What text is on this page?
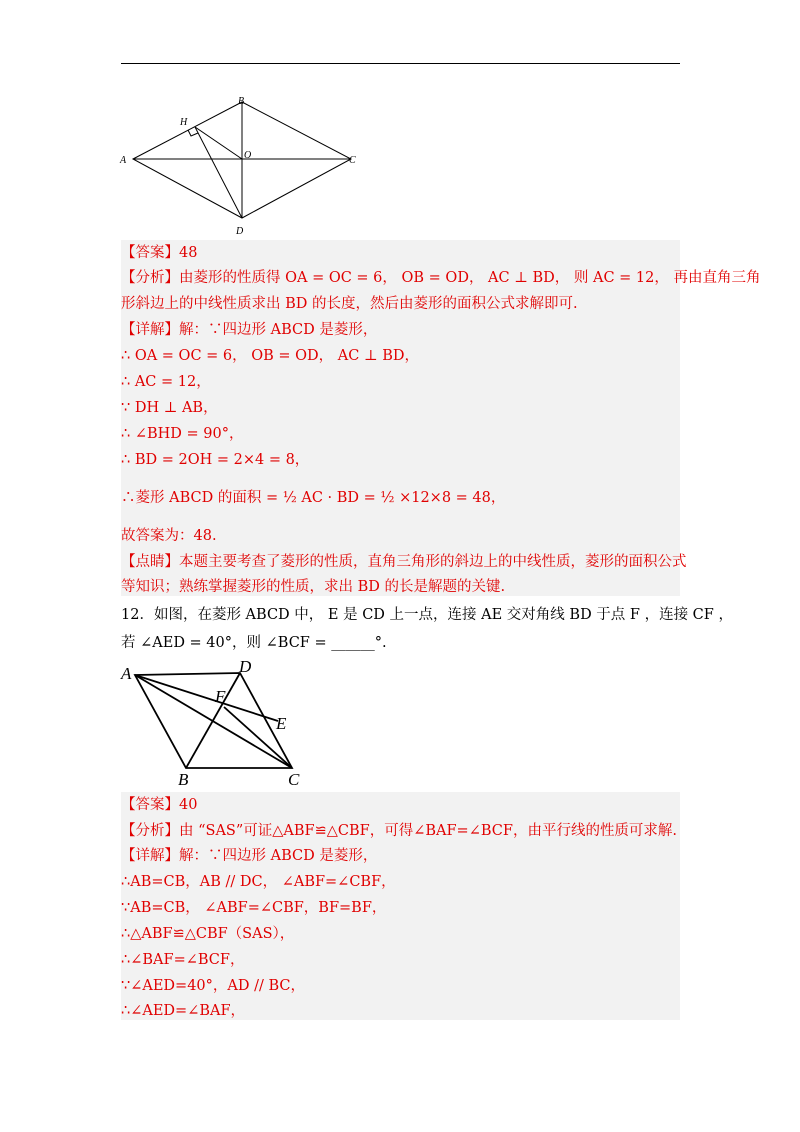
B
H
A	O	C
D
【答案】48
【分析】由菱形的性质得 OA = OC = 6， OB = OD， AC ⊥ BD， 则 AC = 12， 再由直角三角
形斜边上的中线性质求出 BD 的长度，然后由菱形的面积公式求解即可.
【详解】解：∵四边形 ABCD 是菱形，
∴ OA = OC = 6， OB = OD， AC ⊥ BD，
∴ AC = 12，
∵ DH ⊥ AB，
∴ ∠BHD = 90°，
∴ BD = 2OH = 2×4 = 8，
∴菱形 ABCD 的面积 = ½ AC · BD = ½ ×12×8 = 48，
故答案为：48.
【点睛】本题主要考查了菱形的性质，直角三角形的斜边上的中线性质，菱形的面积公式
等知识；熟练掌握菱形的性质，求出 BD 的长是解题的关键.
12．如图，在菱形 ABCD 中， E 是 CD 上一点，连接 AE 交对角线 BD 于点 F ，连接 CF ，
若 ∠AED = 40°，则 ∠BCF = ______°.
A	D
F
E
B	C
【答案】40
【分析】由 “SAS”可证△ABF≌△CBF，可得∠BAF=∠BCF，由平行线的性质可求解.
【详解】解：∵四边形 ABCD 是菱形，
∴AB=CB，AB // DC， ∠ABF=∠CBF，
∵AB=CB， ∠ABF=∠CBF，BF=BF，
∴△ABF≌△CBF（SAS），
∴∠BAF=∠BCF，
∵∠AED=40°，AD // BC，
∴∠AED=∠BAF，
